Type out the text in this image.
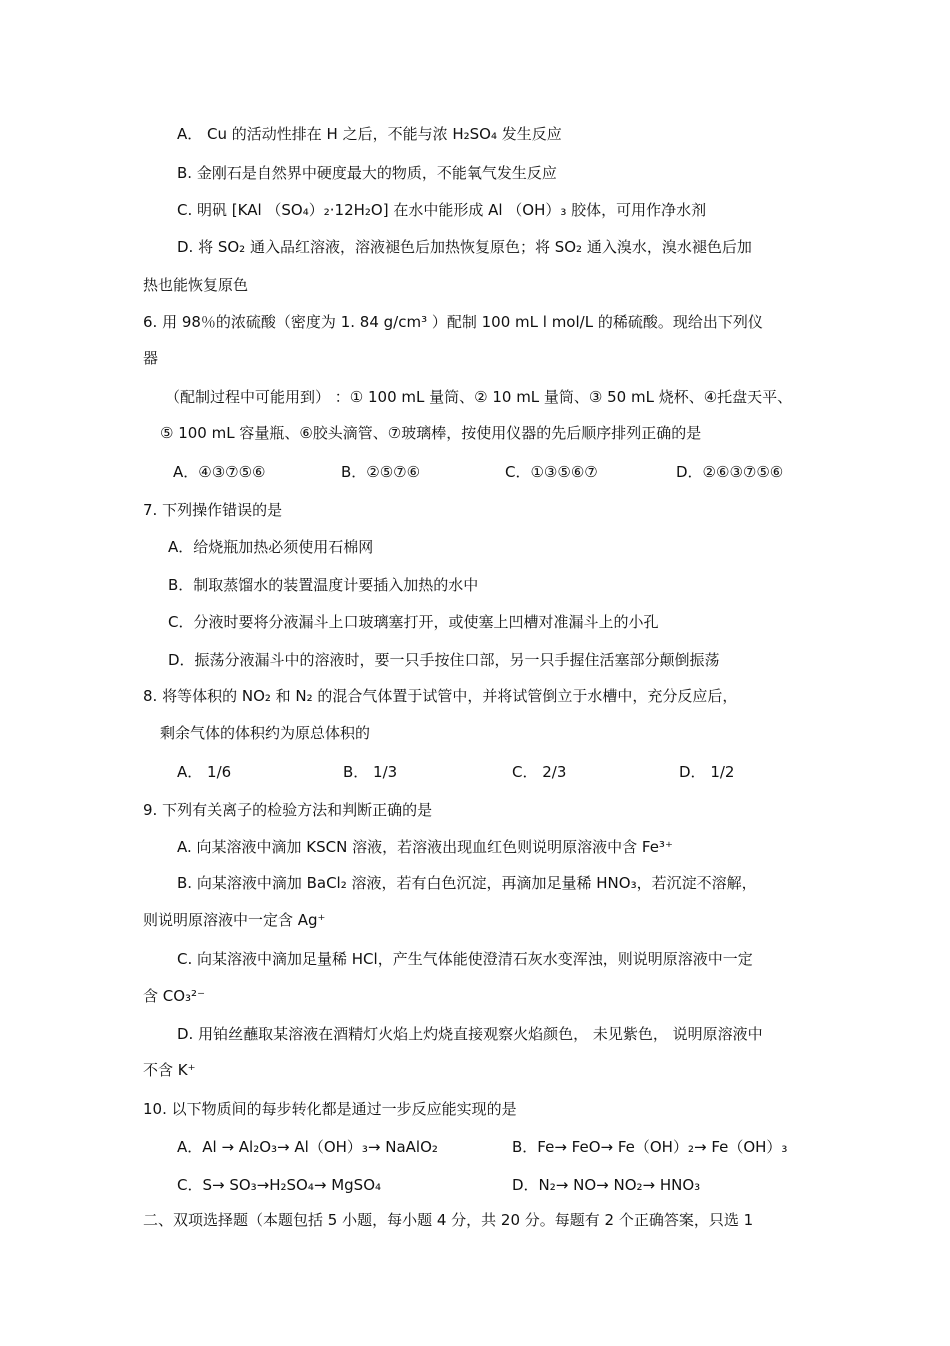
A． Cu 的活动性排在 H 之后，不能与浓 H₂SO₄ 发生反应
B. 金刚石是自然界中硬度最大的物质，不能氧气发生反应
C. 明矾 [KAl （SO₄）₂·12H₂O] 在水中能形成 Al （OH）₃ 胶体，可用作净水剂
D. 将 SO₂ 通入品红溶液，溶液褪色后加热恢复原色；将 SO₂ 通入溴水，溴水褪色后加
热也能恢复原色
6. 用 98％的浓硫酸（密度为 1. 84 g/cm³ ）配制 100 mL l mol/L 的稀硫酸。现给出下列仪
器
（配制过程中可能用到） ：① 100 mL 量筒、② 10 mL 量筒、③ 50 mL 烧杯、④托盘天平、
⑤ 100 mL 容量瓶、⑥胶头滴管、⑦玻璃棒，按使用仪器的先后顺序排列正确的是
A．④③⑦⑤⑥	B．②⑤⑦⑥	C．①③⑤⑥⑦	D．②⑥③⑦⑤⑥
7. 下列操作错误的是
A．给烧瓶加热必须使用石棉网
B．制取蒸馏水的装置温度计要插入加热的水中
C．分液时要将分液漏斗上口玻璃塞打开，或使塞上凹槽对准漏斗上的小孔
D．振荡分液漏斗中的溶液时，要一只手按住口部，另一只手握住活塞部分颠倒振荡
8. 将等体积的 NO₂ 和 N₂ 的混合气体置于试管中，并将试管倒立于水槽中，充分反应后，
剩余气体的体积约为原总体积的
A． 1/6	B． 1/3	C． 2/3	D． 1/2
9. 下列有关离子的检验方法和判断正确的是
A. 向某溶液中滴加 KSCN 溶液，若溶液出现血红色则说明原溶液中含 Fe³⁺
B. 向某溶液中滴加 BaCl₂ 溶液，若有白色沉淀，再滴加足量稀 HNO₃，若沉淀不溶解，
则说明原溶液中一定含 Ag⁺
C. 向某溶液中滴加足量稀 HCl，产生气体能使澄清石灰水变浑浊，则说明原溶液中一定
含 CO₃²⁻
D. 用铂丝蘸取某溶液在酒精灯火焰上灼烧直接观察火焰颜色， 未见紫色， 说明原溶液中
不含 K⁺
10. 以下物质间的每步转化都是通过一步反应能实现的是
A．Al → Al₂O₃→ Al（OH）₃→ NaAlO₂	B．Fe→ FeO→ Fe（OH）₂→ Fe（OH）₃
C．S→ SO₃→H₂SO₄→ MgSO₄	D．N₂→ NO→ NO₂→ HNO₃
二、双项选择题（本题包括 5 小题，每小题 4 分，共 20 分。每题有 2 个正确答案，只选 1
